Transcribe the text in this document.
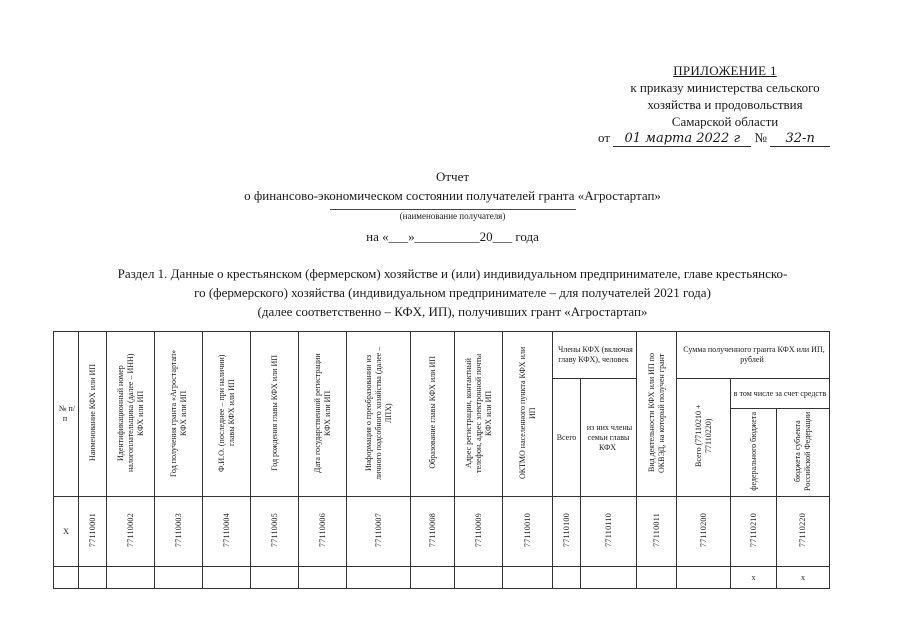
ПРИЛОЖЕНИЕ 1
к приказу министерства сельского
хозяйства и продовольствия
Самарской области
от 01 марта 2022 г № 32-п
Отчет
о финансово-экономическом состоянии получателей гранта «Агростартап»
(наименование получателя)
на «___»__________20___ года
Раздел 1. Данные о крестьянском (фермерском) хозяйстве и (или) индивидуальном предпринимателе, главе крестьянско-
го (фермерского) хозяйства (индивидуальном предпринимателе – для получателей 2021 года)
(далее соответственно – КФХ, ИП), получивших грант «Агростартап»
№ п/п	Наименование КФХ или ИП	Идентификационный номер налогоплательщика (далее – ИНН) КФХ или ИП	Год получения гранта «Агростартап» КФХ или ИП	Ф.И.О. (последнее – при наличии) главы КФХ или ИП	Год рождения главы КФХ или ИП	Дата государственной регистрации КФХ или ИП	Информация о преобразовании из личного подсобного хозяйства (далее – ЛПХ)	Образование главы КФХ или ИП	Адрес регистрации, контактный телефон, адрес электронной почты КФХ или ИП	ОКТМО населенного пункта КФХ или ИП	Члены КФХ (включая главу КФХ), человек		Вид деятельности КФХ или ИП по ОКВЭД, на который получен грант	Сумма полученного гранта КФХ или ИП, рублей		
											Всего	из них члены семьи главы КФХ		Всего (77110210 + 77110220)	в том числе за счет средств	
															федерального бюджета	бюджета субъекта Российской Федерации
X	77110001	77110002	77110003	77110004	77110005	77110006	77110007	77110008	77110009	77110010	77110100	77110110	77110011	77110200	77110210	77110220
															x	x
